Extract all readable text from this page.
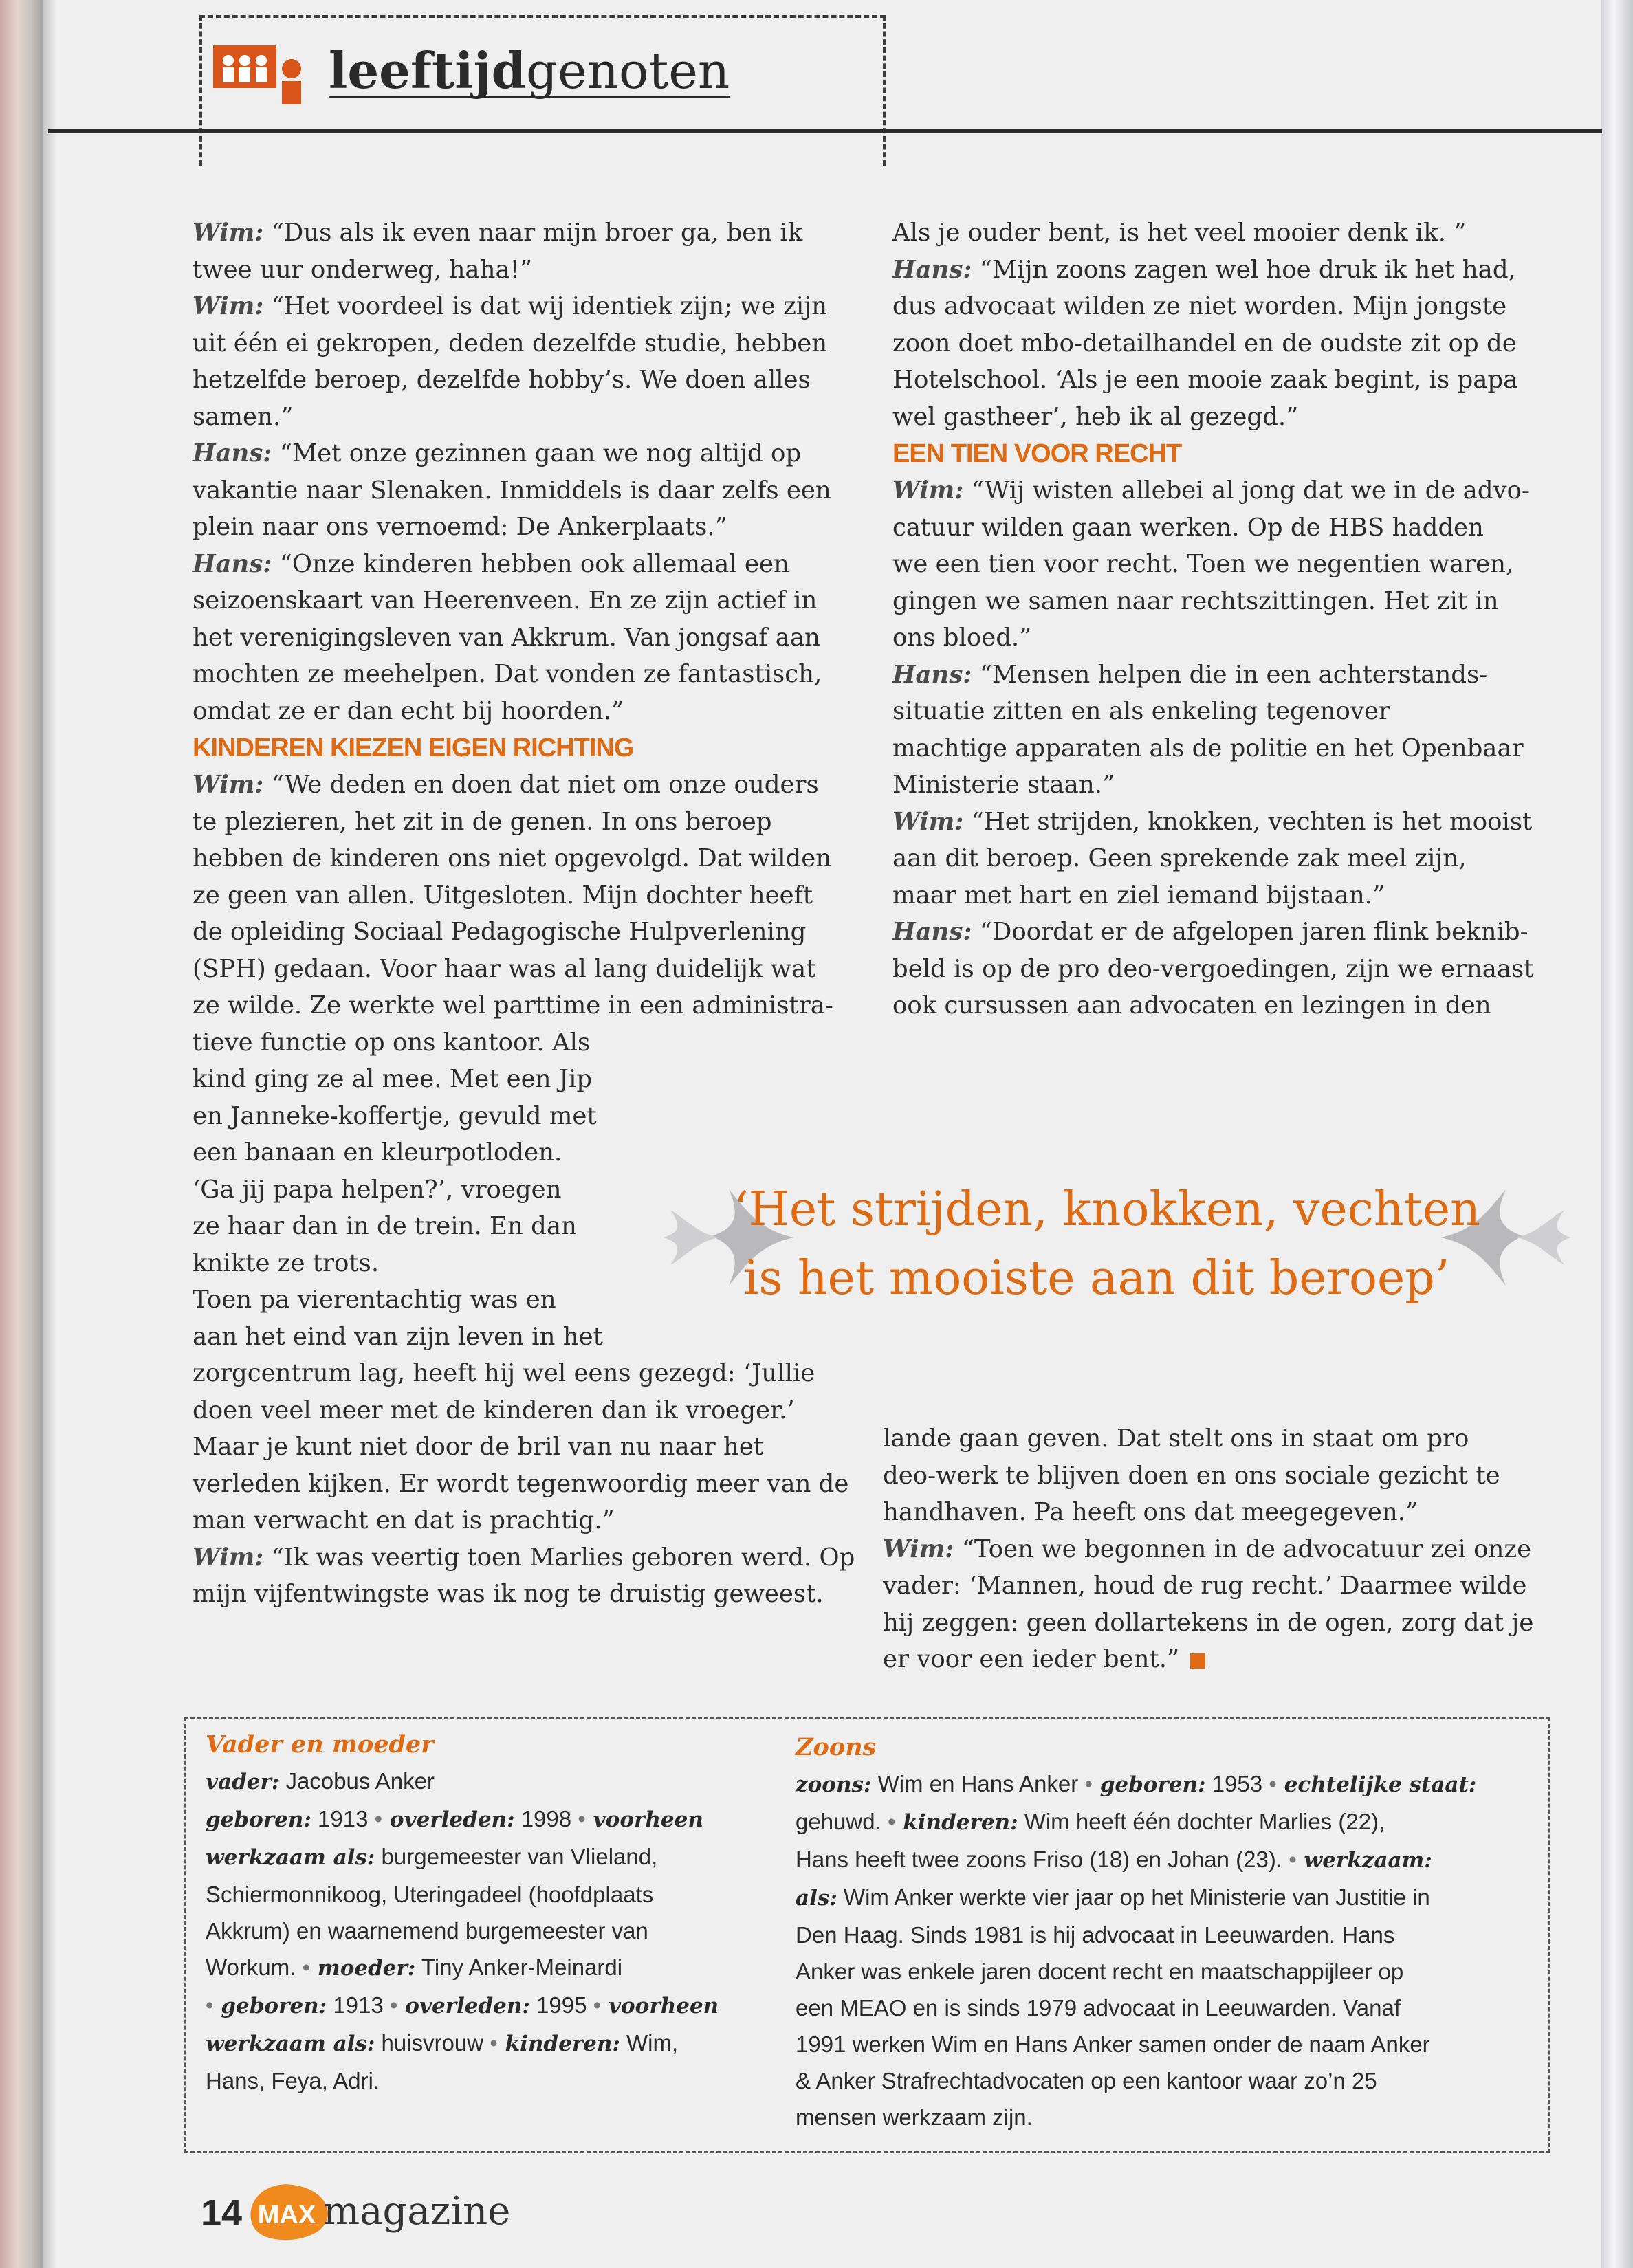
leeftijdgenoten

Wim: “Dus als ik even naar mijn broer ga, ben ik

twee uur onderweg, haha!”

Wim: “Het voordeel is dat wij identiek zijn; we zijn

uit één ei gekropen, deden dezelfde studie, hebben

hetzelfde beroep, dezelfde hobby’s. We doen alles

samen.”

Hans: “Met onze gezinnen gaan we nog altijd op

vakantie naar Slenaken. Inmiddels is daar zelfs een

plein naar ons vernoemd: De Ankerplaats.”

Hans: “Onze kinderen hebben ook allemaal een

seizoenskaart van Heerenveen. En ze zijn actief in

het verenigingsleven van Akkrum. Van jongsaf aan

mochten ze meehelpen. Dat vonden ze fantastisch,

omdat ze er dan echt bij hoorden.”

KINDEREN KIEZEN EIGEN RICHTING

Wim: “We deden en doen dat niet om onze ouders

te plezieren, het zit in de genen. In ons beroep

hebben de kinderen ons niet opgevolgd. Dat wilden

ze geen van allen. Uitgesloten. Mijn dochter heeft

de opleiding Sociaal Pedagogische Hulpverlening

(SPH) gedaan. Voor haar was al lang duidelijk wat

ze wilde. Ze werkte wel parttime in een administra-

tieve functie op ons kantoor. Als

kind ging ze al mee. Met een Jip

en Janneke-koffertje, gevuld met

een banaan en kleurpotloden.

‘Ga jij papa helpen?’, vroegen

ze haar dan in de trein. En dan

knikte ze trots.

Toen pa vierentachtig was en

aan het eind van zijn leven in het

zorgcentrum lag, heeft hij wel eens gezegd: ‘Jullie

doen veel meer met de kinderen dan ik vroeger.’

Maar je kunt niet door de bril van nu naar het

verleden kijken. Er wordt tegenwoordig meer van de

man verwacht en dat is prachtig.”

Wim: “Ik was veertig toen Marlies geboren werd. Op

mijn vijfentwingste was ik nog te druistig geweest.

Als je ouder bent, is het veel mooier denk ik. ”

Hans: “Mijn zoons zagen wel hoe druk ik het had,

dus advocaat wilden ze niet worden. Mijn jongste

zoon doet mbo-detailhandel en de oudste zit op de

Hotelschool. ‘Als je een mooie zaak begint, is papa

wel gastheer’, heb ik al gezegd.”

EEN TIEN VOOR RECHT

Wim: “Wij wisten allebei al jong dat we in de advo-

catuur wilden gaan werken. Op de HBS hadden

we een tien voor recht. Toen we negentien waren,

gingen we samen naar rechtszittingen. Het zit in

ons bloed.”

Hans: “Mensen helpen die in een achterstands-

situatie zitten en als enkeling tegenover

machtige apparaten als de politie en het Openbaar

Ministerie staan.”

Wim: “Het strijden, knokken, vechten is het mooist

aan dit beroep. Geen sprekende zak meel zijn,

maar met hart en ziel iemand bijstaan.”

Hans: “Doordat er de afgelopen jaren flink beknib-

beld is op de pro deo-vergoedingen, zijn we ernaast

ook cursussen aan advocaten en lezingen in den

lande gaan geven. Dat stelt ons in staat om pro

deo-werk te blijven doen en ons sociale gezicht te

handhaven. Pa heeft ons dat meegegeven.”

Wim: “Toen we begonnen in de advocatuur zei onze

vader: ‘Mannen, houd de rug recht.’ Daarmee wilde

hij zeggen: geen dollartekens in de ogen, zorg dat je

er voor een ieder bent.”

‘Het strijden, knokken, vechten
is het mooiste aan dit beroep’

Vader en moeder

vader: Jacobus Anker

geboren: 1913 • overleden: 1998 • voorheen

werkzaam als: burgemeester van Vlieland,

Schiermonnikoog, Uteringadeel (hoofdplaats

Akkrum) en waarnemend burgemeester van

Workum. • moeder: Tiny Anker-Meinardi

• geboren: 1913 • overleden: 1995 • voorheen

werkzaam als: huisvrouw • kinderen: Wim,

Hans, Feya, Adri.

Zoons

zoons: Wim en Hans Anker • geboren: 1953 • echtelijke staat:

gehuwd. • kinderen: Wim heeft één dochter Marlies (22),

Hans heeft twee zoons Friso (18) en Johan (23). • werkzaam:

als: Wim Anker werkte vier jaar op het Ministerie van Justitie in

Den Haag. Sinds 1981 is hij advocaat in Leeuwarden. Hans

Anker was enkele jaren docent recht en maatschappijleer op

een MEAO en is sinds 1979 advocaat in Leeuwarden. Vanaf

1991 werken Wim en Hans Anker samen onder de naam Anker

& Anker Strafrechtadvocaten op een kantoor waar zo’n 25

mensen werkzaam zijn.

14 MAX magazine
